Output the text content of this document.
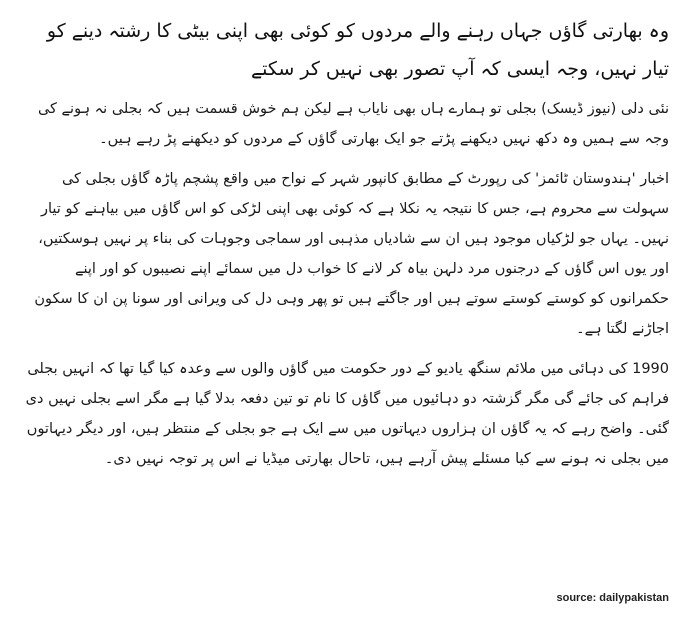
وہ بھارتی گاؤں جہاں رہنے والے مردوں کو کوئی بھی اپنی بیٹی کا رشتہ دینے کو تیار نہیں، وجہ ایسی کہ آپ تصور بھی نہیں کر سکتے

نئی دلی (نیوز ڈیسک) بجلی تو ہمارے ہاں بھی نایاب ہے لیکن ہم خوش قسمت ہیں کہ بجلی نہ ہونے کی وجہ سے ہمیں وہ دکھ نہیں دیکھنے پڑتے جو ایک بھارتی گاؤں کے مردوں کو دیکھنے پڑ رہے ہیں۔

اخبار 'ہندوستان ٹائمز' کی رپورٹ کے مطابق کانپور شہر کے نواح میں واقع پشچم پاڑہ گاؤں بجلی کی سہولت سے محروم ہے، جس کا نتیجہ یہ نکلا ہے کہ کوئی بھی اپنی لڑکی کو اس گاؤں میں بیاہنے کو تیار نہیں۔ یہاں جو لڑکیاں موجود ہیں ان سے شادیاں مذہبی اور سماجی وجوہات کی بناء پر نہیں ہوسکتیں، اور یوں اس گاؤں کے درجنوں مرد دلہن بیاہ کر لانے کا خواب دل میں سمائے اپنے نصیبوں کو اور اپنے حکمرانوں کو کوستے کوستے سوتے ہیں اور جاگتے ہیں تو پھر وہی دل کی ویرانی اور سونا پن ان کا سکون اجاڑنے لگتا ہے۔

1990 کی دہائی میں ملائم سنگھ یادیو کے دور حکومت میں گاؤں والوں سے وعدہ کیا گیا تھا کہ انہیں بجلی فراہم کی جائے گی مگر گزشتہ دو دہائیوں میں گاؤں کا نام تو تین دفعہ بدلا گیا ہے مگر اسے بجلی نہیں دی گئی۔ واضح رہے کہ یہ گاؤں ان ہزاروں دیہاتوں میں سے ایک ہے جو بجلی کے منتظر ہیں، اور دیگر دیہاتوں میں بجلی نہ ہونے سے کیا مسئلے پیش آرہے ہیں، تاحال بھارتی میڈیا نے اس پر توجہ نہیں دی۔

source: dailypakistan
